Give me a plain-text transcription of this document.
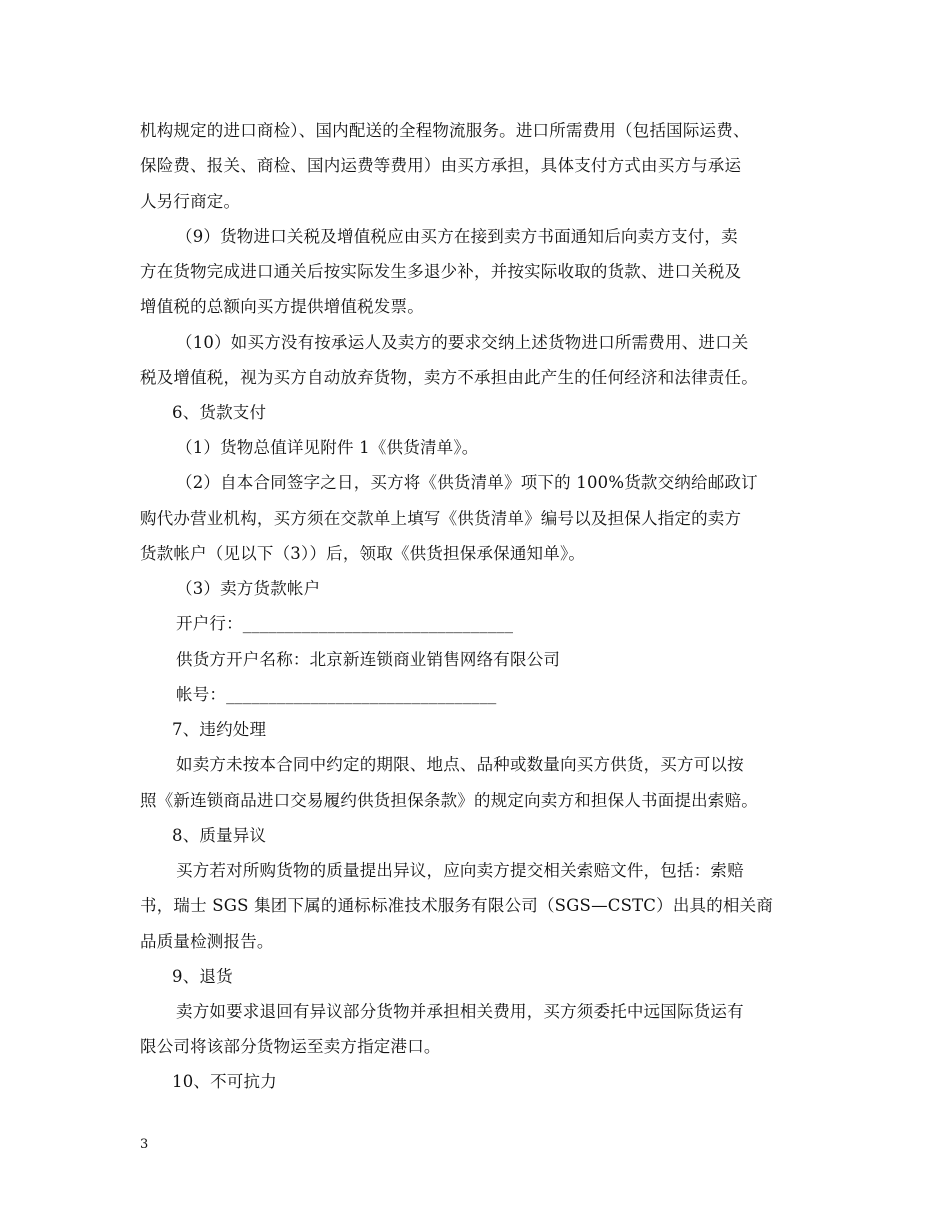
机构规定的进口商检）、国内配送的全程物流服务。进口所需费用（包括国际运费、
保险费、报关、商检、国内运费等费用）由买方承担，具体支付方式由买方与承运
人另行商定。
（9）货物进口关税及增值税应由买方在接到卖方书面通知后向卖方支付，卖
方在货物完成进口通关后按实际发生多退少补，并按实际收取的货款、进口关税及
增值税的总额向买方提供增值税发票。
（10）如买方没有按承运人及卖方的要求交纳上述货物进口所需费用、进口关
税及增值税，视为买方自动放弃货物，卖方不承担由此产生的任何经济和法律责任。
6、货款支付
（1）货物总值详见附件 1《供货清单》。
（2）自本合同签字之日，买方将《供货清单》项下的 100%货款交纳给邮政订
购代办营业机构，买方须在交款单上填写《供货清单》编号以及担保人指定的卖方
货款帐户（见以下（3））后，领取《供货担保承保通知单》。
（3）卖方货款帐户
开户行：________________________________
供货方开户名称：北京新连锁商业销售网络有限公司
帐号：________________________________
7、违约处理
如卖方未按本合同中约定的期限、地点、品种或数量向买方供货，买方可以按
照《新连锁商品进口交易履约供货担保条款》的规定向卖方和担保人书面提出索赔。
8、质量异议
买方若对所购货物的质量提出异议，应向卖方提交相关索赔文件，包括：索赔
书，瑞士 SGS 集团下属的通标标准技术服务有限公司（SGS—CSTC）出具的相关商
品质量检测报告。
9、退货
卖方如要求退回有异议部分货物并承担相关费用，买方须委托中远国际货运有
限公司将该部分货物运至卖方指定港口。
10、不可抗力
3
